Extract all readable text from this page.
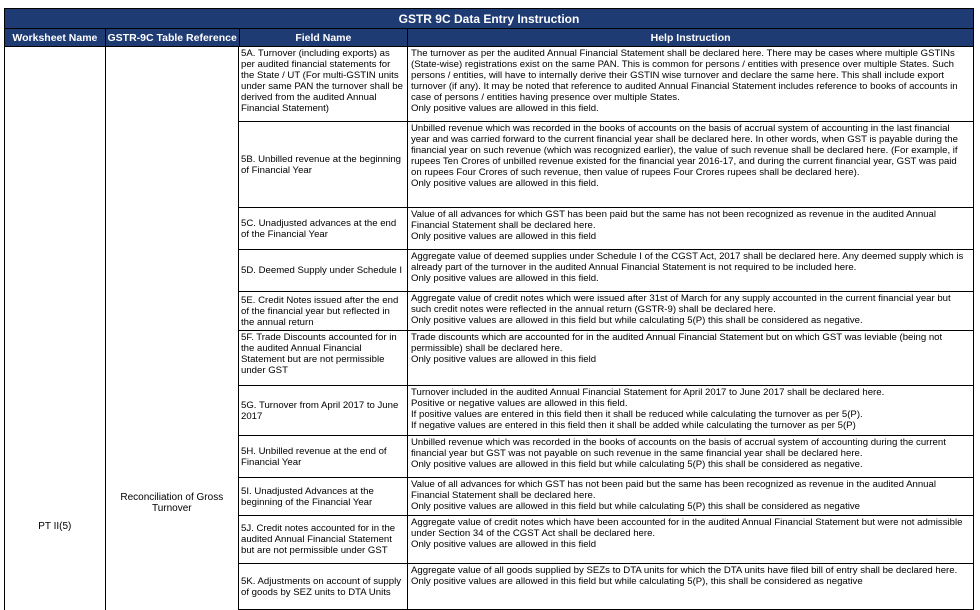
GSTR 9C Data Entry Instruction
Worksheet Name GSTR-9C Table Reference	Field Name	Help Instruction
PT II(5)
Reconciliation of Gross Turnover
5A. Turnover (including exports) as per audited financial statements for the State / UT (For multi-GSTIN units under same PAN the turnover shall be derived from the audited Annual Financial Statement)
The turnover as per the audited Annual Financial Statement shall be declared here. There may be cases where multiple GSTINs (State-wise) registrations exist on the same PAN. This is common for persons / entities with presence over multiple States. Such persons / entities, will have to internally derive their GSTIN wise turnover and declare the same here. This shall include export turnover (if any). It may be noted that reference to audited Annual Financial Statement includes reference to books of accounts in case of persons / entities having presence over multiple States.
Only positive values are allowed in this field.
5B. Unbilled revenue at the beginning of Financial Year
Unbilled revenue which was recorded in the books of accounts on the basis of accrual system of accounting in the last financial year and was carried forward to the current financial year shall be declared here. In other words, when GST is payable during the financial year on such revenue (which was recognized earlier), the value of such revenue shall be declared here. (For example, if rupees Ten Crores of unbilled revenue existed for the financial year 2016-17, and during the current financial year, GST was paid on rupees Four Crores of such revenue, then value of rupees Four Crores rupees shall be declared here).
Only positive values are allowed in this field.
5C. Unadjusted advances at the end of the Financial Year
Value of all advances for which GST has been paid but the same has not been recognized as revenue in the audited Annual Financial Statement shall be declared here.
Only positive values are allowed in this field
5D. Deemed Supply under Schedule I
Aggregate value of deemed supplies under Schedule I of the CGST Act, 2017 shall be declared here. Any deemed supply which is already part of the turnover in the audited Annual Financial Statement is not required to be included here.
Only positive values are allowed in this field.
5E. Credit Notes issued after the end of the financial year but reflected in the annual return
Aggregate value of credit notes which were issued after 31st of March for any supply accounted in the current financial year but such credit notes were reflected in the annual return (GSTR-9) shall be declared here.
Only positive values are allowed in this field but while calculating 5(P) this shall be considered as negative.
5F. Trade Discounts accounted for in the audited Annual Financial Statement but are not permissible under GST
Trade discounts which are accounted for in the audited Annual Financial Statement but on which GST was leviable (being not permissible) shall be declared here.
Only positive values are allowed in this field
5G. Turnover from April 2017 to June 2017
Turnover included in the audited Annual Financial Statement for April 2017 to June 2017 shall be declared here.
Positive or negative values are allowed in this field.
If positive values are entered in this field then it shall be reduced while calculating the turnover as per 5(P).
If negative values are entered in this field then it shall be added while calculating the turnover as per 5(P)
5H. Unbilled revenue at the end of Financial Year
Unbilled revenue which was recorded in the books of accounts on the basis of accrual system of accounting during the current financial year but GST was not payable on such revenue in the same financial year shall be declared here.
Only positive values are allowed in this field but while calculating 5(P) this shall be considered as negative.
5I. Unadjusted Advances at the beginning of the Financial Year
Value of all advances for which GST has not been paid but the same has been recognized as revenue in the audited Annual Financial Statement shall be declared here.
Only positive values are allowed in this field but while calculating 5(P) this shall be considered as negative
5J. Credit notes accounted for in the audited Annual Financial Statement but are not permissible under GST
Aggregate value of credit notes which have been accounted for in the audited Annual Financial Statement but were not admissible under Section 34 of the CGST Act shall be declared here.
Only positive values are allowed in this field
5K. Adjustments on account of supply of goods by SEZ units to DTA Units
Aggregate value of all goods supplied by SEZs to DTA units for which the DTA units have filed bill of entry shall be declared here.
Only positive values are allowed in this field but while calculating 5(P), this shall be considered as negative
